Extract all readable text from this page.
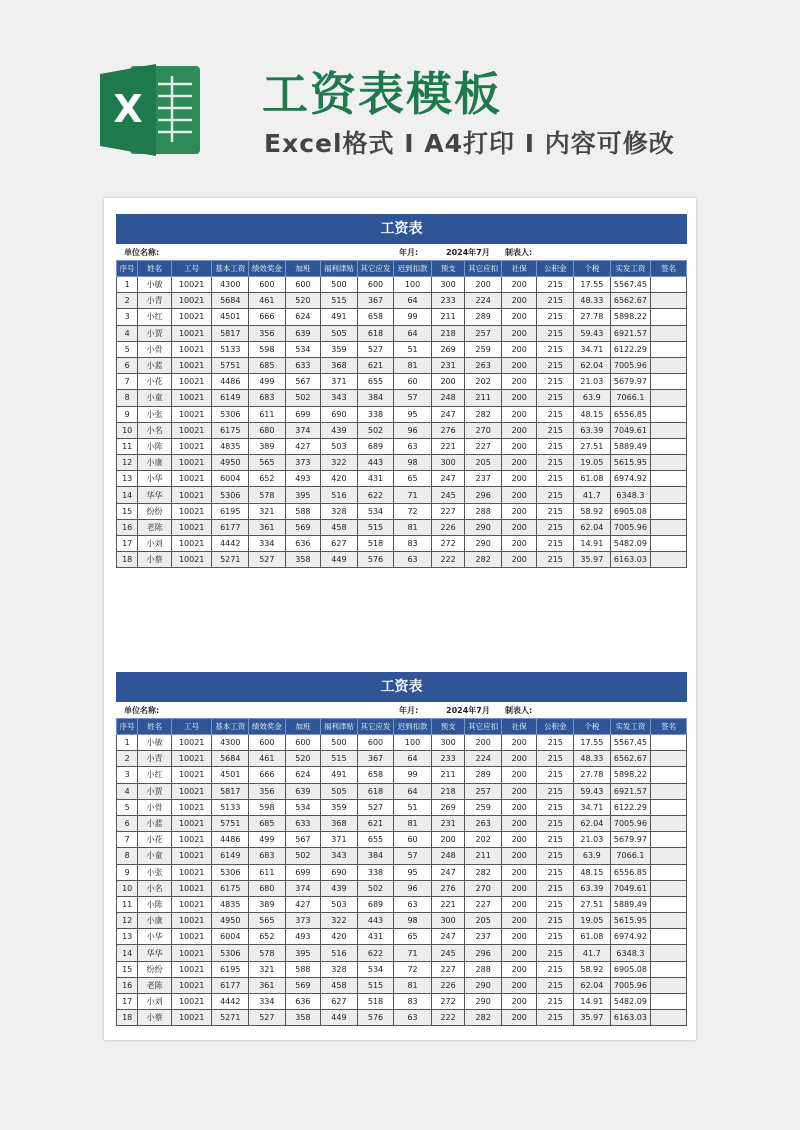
X	工资表模板
Excel格式 I A4打印 I 内容可修改
工资表
单位名称:	年月:	2024年7月 制表人:
序号	姓名	工号	基本工资	绩效奖金	加班	福利津贴	其它应发	迟到扣款	预支	其它应扣	社保	公积金	个税	实发工资	签名
1	小敏	10021	4300	600	600	500	600	100	300	200	200	215	17.55	5567.45	
2	小青	10021	5684	461	520	515	367	64	233	224	200	215	48.33	6562.67	
3	小红	10021	4501	666	624	491	658	99	211	289	200	215	27.78	5898.22	
4	小贾	10021	5817	356	639	505	618	64	218	257	200	215	59.43	6921.57	
5	小骨	10021	5133	598	534	359	527	51	269	259	200	215	34.71	6122.29	
6	小蓝	10021	5751	685	633	368	621	81	231	263	200	215	62.04	7005.96	
7	小花	10021	4486	499	567	371	655	60	200	202	200	215	21.03	5679.97	
8	小童	10021	6149	683	502	343	384	57	248	211	200	215	63.9	7066.1	
9	小张	10021	5306	611	699	690	338	95	247	282	200	215	48.15	6556.85	
10	小名	10021	6175	680	374	439	502	96	276	270	200	215	63.39	7049.61	
11	小陈	10021	4835	389	427	503	689	63	221	227	200	215	27.51	5889.49	
12	小康	10021	4950	565	373	322	443	98	300	205	200	215	19.05	5615.95	
13	小华	10021	6004	652	493	420	431	65	247	237	200	215	61.08	6974.92	
14	华华	10021	5306	578	395	516	622	71	245	296	200	215	41.7	6348.3	
15	纷纷	10021	6195	321	588	328	534	72	227	288	200	215	58.92	6905.08	
16	老陈	10021	6177	361	569	458	515	81	226	290	200	215	62.04	7005.96	
17	小刘	10021	4442	334	636	627	518	83	272	290	200	215	14.91	5482.09	
18	小蔡	10021	5271	527	358	449	576	63	222	282	200	215	35.97	6163.03	
工资表
单位名称:	年月:	2024年7月 制表人:
序号	姓名	工号	基本工资	绩效奖金	加班	福利津贴	其它应发	迟到扣款	预支	其它应扣	社保	公积金	个税	实发工资	签名
1	小敏	10021	4300	600	600	500	600	100	300	200	200	215	17.55	5567.45	
2	小青	10021	5684	461	520	515	367	64	233	224	200	215	48.33	6562.67	
3	小红	10021	4501	666	624	491	658	99	211	289	200	215	27.78	5898.22	
4	小贾	10021	5817	356	639	505	618	64	218	257	200	215	59.43	6921.57	
5	小骨	10021	5133	598	534	359	527	51	269	259	200	215	34.71	6122.29	
6	小蓝	10021	5751	685	633	368	621	81	231	263	200	215	62.04	7005.96	
7	小花	10021	4486	499	567	371	655	60	200	202	200	215	21.03	5679.97	
8	小童	10021	6149	683	502	343	384	57	248	211	200	215	63.9	7066.1	
9	小张	10021	5306	611	699	690	338	95	247	282	200	215	48.15	6556.85	
10	小名	10021	6175	680	374	439	502	96	276	270	200	215	63.39	7049.61	
11	小陈	10021	4835	389	427	503	689	63	221	227	200	215	27.51	5889.49	
12	小康	10021	4950	565	373	322	443	98	300	205	200	215	19.05	5615.95	
13	小华	10021	6004	652	493	420	431	65	247	237	200	215	61.08	6974.92	
14	华华	10021	5306	578	395	516	622	71	245	296	200	215	41.7	6348.3	
15	纷纷	10021	6195	321	588	328	534	72	227	288	200	215	58.92	6905.08	
16	老陈	10021	6177	361	569	458	515	81	226	290	200	215	62.04	7005.96	
17	小刘	10021	4442	334	636	627	518	83	272	290	200	215	14.91	5482.09	
18	小蔡	10021	5271	527	358	449	576	63	222	282	200	215	35.97	6163.03	
